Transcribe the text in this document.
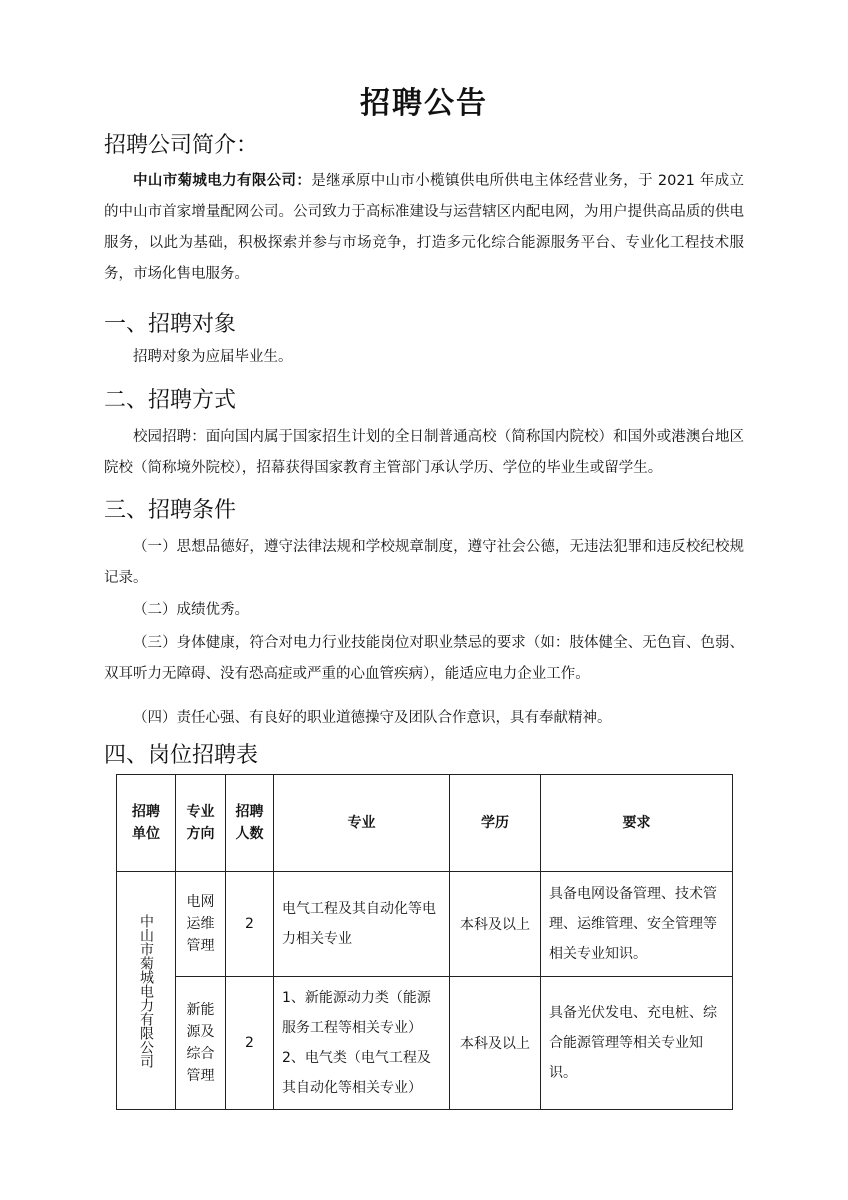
招聘公告
招聘公司简介：
中山市菊城电力有限公司：是继承原中山市小榄镇供电所供电主体经营业务，于 2021 年成立的中山市首家增量配网公司。公司致力于高标准建设与运营辖区内配电网，为用户提供高品质的供电服务，以此为基础，积极探索并参与市场竞争，打造多元化综合能源服务平台、专业化工程技术服务，市场化售电服务。
一、招聘对象
招聘对象为应届毕业生。
二、招聘方式
校园招聘：面向国内属于国家招生计划的全日制普通高校（简称国内院校）和国外或港澳台地区院校（简称境外院校），招幕获得国家教育主管部门承认学历、学位的毕业生或留学生。
三、招聘条件
（一）思想品德好，遵守法律法规和学校规章制度，遵守社会公德，无违法犯罪和违反校纪校规记录。
（二）成绩优秀。
（三）身体健康，符合对电力行业技能岗位对职业禁忌的要求（如：肢体健全、无色盲、色弱、双耳听力无障碍、没有恐高症或严重的心血管疾病），能适应电力企业工作。
（四）责任心强、有良好的职业道德操守及团队合作意识，具有奉献精神。
四、岗位招聘表
招聘单位	专业方向	招聘人数	专业	学历	要求

中山市菊城电力有限公司	电网运维管理	2	电气工程及其自动化等电力相关专业	本科及以上	具备电网设备管理、技术管理、运维管理、安全管理等相关专业知识。

	新能源及综合管理	2	1、新能源动力类（能源服务工程等相关专业）
2、电气类（电气工程及其自动化等相关专业）	本科及以上	具备光伏发电、充电桩、综合能源管理等相关专业知识。
